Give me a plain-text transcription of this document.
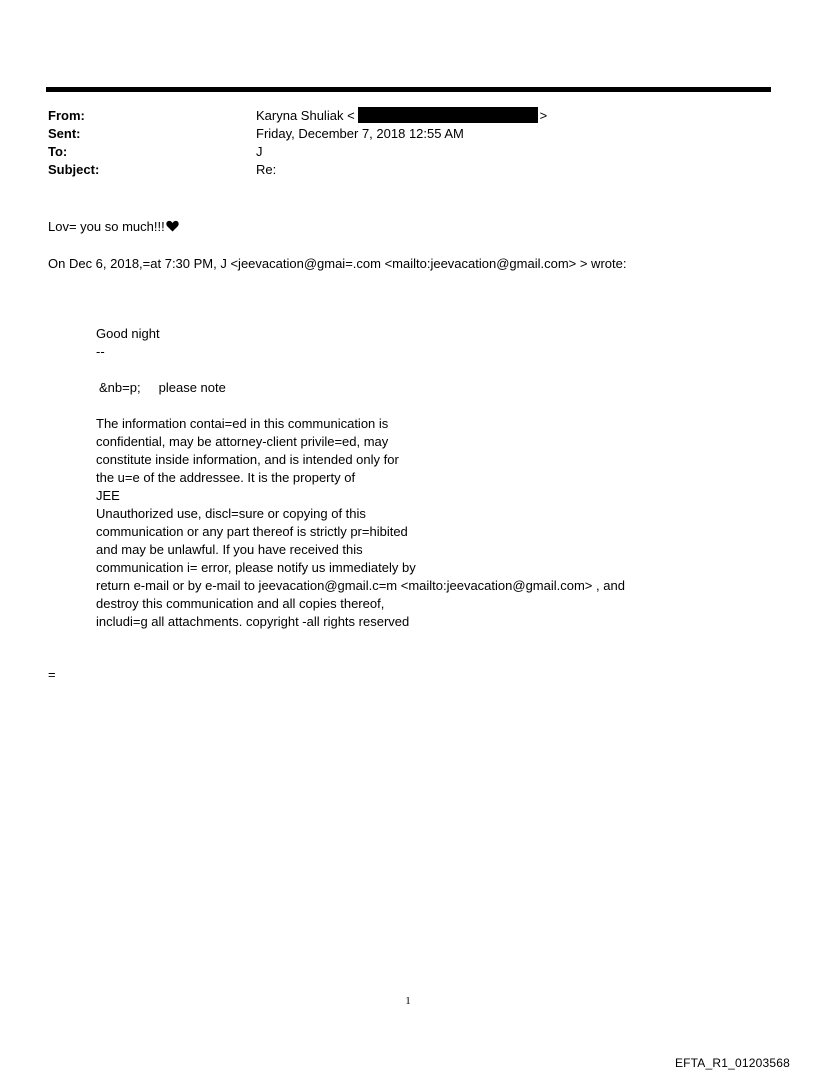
From:	Karyna Shuliak <	>
Sent:	Friday, December 7, 2018 12:55 AM
To:	J
Subject:	Re:
Lov= you so much!!!
On Dec 6, 2018,=at 7:30 PM, J <jeevacation@gmai=.com <mailto:jeevacation@gmail.com> > wrote:
Good night
--
&nb=p;     please note
The information contai=ed in this communication is
confidential, may be attorney-client privile=ed, may
constitute inside information, and is intended only for
the u=e of the addressee. It is the property of
JEE
Unauthorized use, discl=sure or copying of this
communication or any part thereof is strictly pr=hibited
and may be unlawful. If you have received this
communication i= error, please notify us immediately by
return e-mail or by e-mail to jeevacation@gmail.c=m <mailto:jeevacation@gmail.com> , and
destroy this communication and all copies thereof,
includi=g all attachments. copyright -all rights reserved
=
1
EFTA_R1_01203568
